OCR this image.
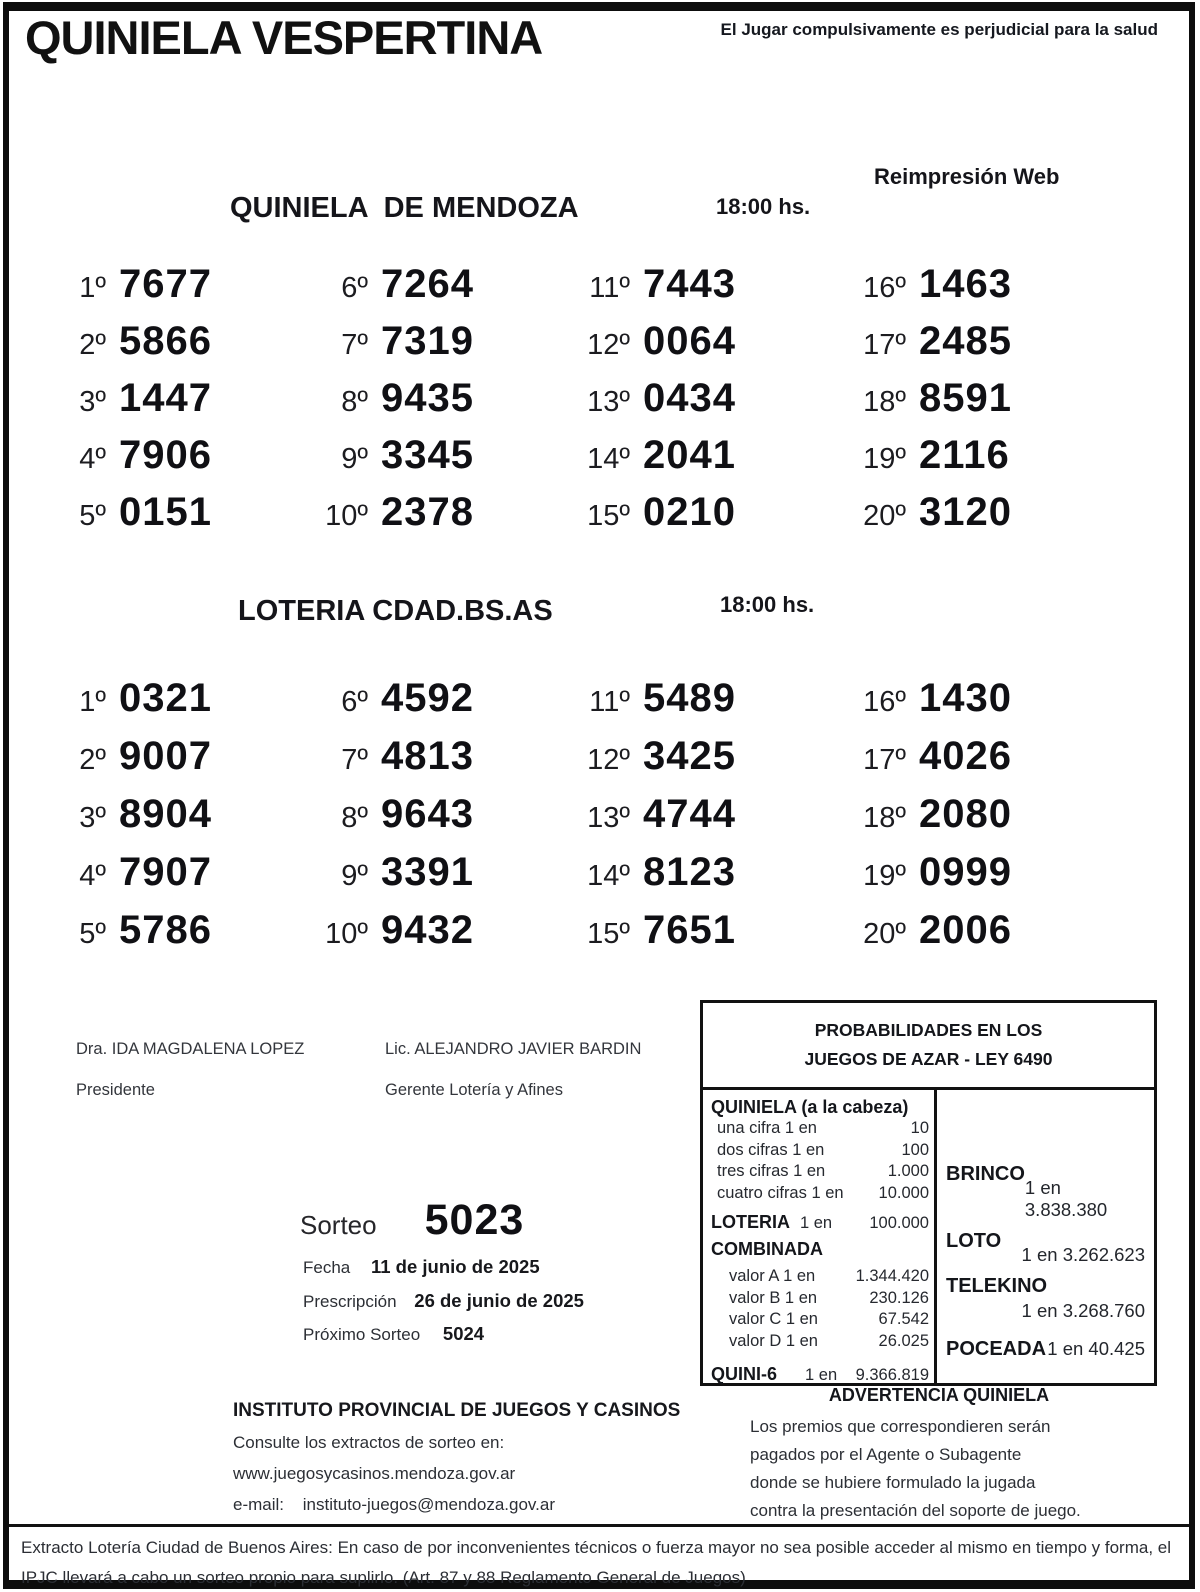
QUINIELA VESPERTINA	El Jugar compulsivamente es perjudicial para la salud
Reimpresión Web
QUINIELA  DE MENDOZA	18:00 hs.
1º 7677
2º 5866
3º 1447
4º 7906
5º 0151
6º 7264
7º 7319
8º 9435
9º 3345
10º 2378
11º 7443
12º 0064
13º 0434
14º 2041
15º 0210
16º 1463
17º 2485
18º 8591
19º 2116
20º 3120
LOTERIA CDAD.BS.AS	18:00 hs.
1º 0321
2º 9007
3º 8904
4º 7907
5º 5786
6º 4592
7º 4813
8º 9643
9º 3391
10º 9432
11º 5489
12º 3425
13º 4744
14º 8123
15º 7651
16º 1430
17º 4026
18º 2080
19º 0999
20º 2006
Dra. IDA MAGDALENA LOPEZ
Presidente
Lic. ALEJANDRO JAVIER BARDIN
Gerente Lotería y Afines
Sorteo 5023
Fecha 11 de junio de 2025
Prescripción 26 de junio de 2025
Próximo Sorteo 5024
PROBABILIDADES EN LOS
JUEGOS DE AZAR - LEY 6490
QUINIELA (a la cabeza)
una cifra 1 en	10
dos cifras 1 en	100
tres cifras 1 en	1.000
cuatro cifras 1 en 10.000
LOTERIA 1 en 100.000
COMBINADA
valor A 1 en 1.344.420
valor B 1 en	230.126
valor C 1 en	67.542
valor D 1 en	26.025
QUINI-6 1 en 9.366.819
BRINCO
1 en 3.838.380
LOTO
1 en 3.262.623
TELEKINO
1 en 3.268.760
POCEADA 1 en 40.425
ADVERTENCIA QUINIELA
Los premios que correspondieren serán
pagados por el Agente o Subagente
donde se hubiere formulado la jugada
contra la presentación del soporte de juego.
INSTITUTO PROVINCIAL DE JUEGOS Y CASINOS
Consulte los extractos de sorteo en:
www.juegosycasinos.mendoza.gov.ar
e-mail: instituto-juegos@mendoza.gov.ar
Extracto Lotería Ciudad de Buenos Aires: En caso de por inconvenientes técnicos o fuerza mayor no sea posible acceder al mismo en tiempo y forma, el IPJC llevará a cabo un sorteo propio para suplirlo. (Art. 87 y 88 Reglamento General de Juegos)
